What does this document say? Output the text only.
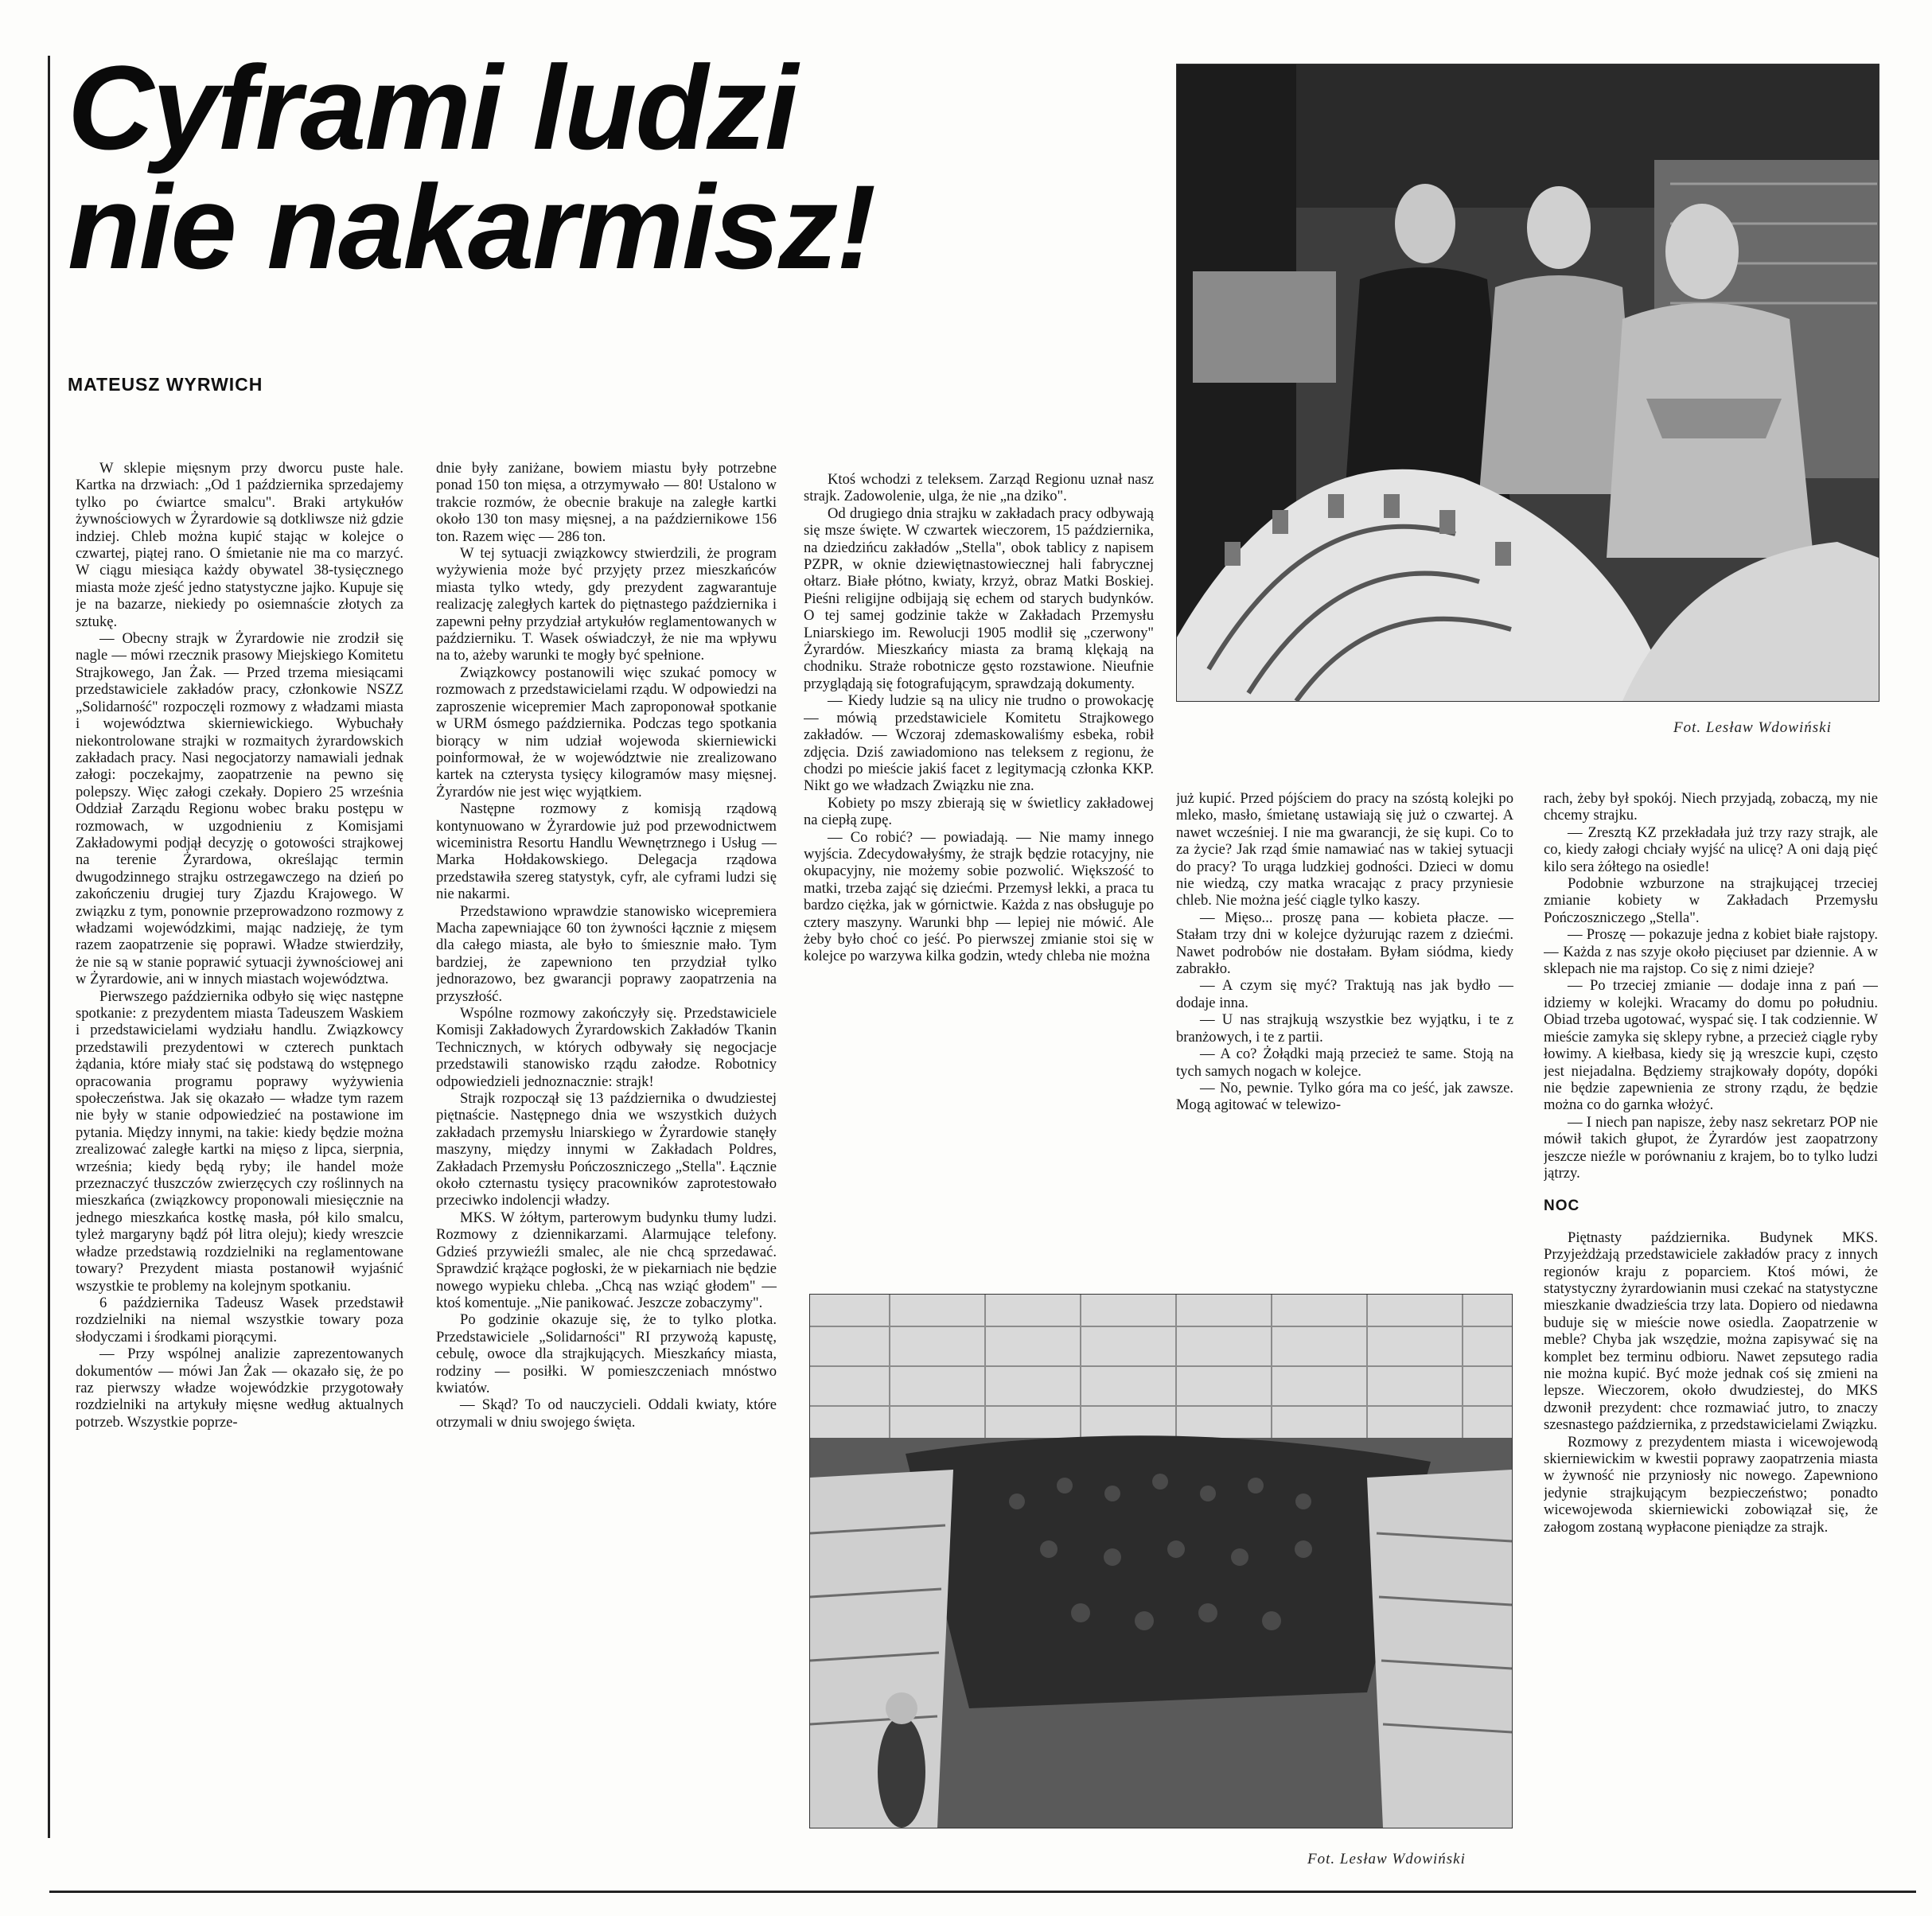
Cyframi ludzi
nie nakarmisz!
MATEUSZ WYRWICH
Fot. Lesław Wdowiński
Fot. Lesław Wdowiński

W sklepie mięsnym przy dworcu puste hale. Kartka na drzwiach: „Od 1 października sprzedajemy tylko po ćwiartce smalcu". Braki artykułów żywnościowych w Żyrardowie są dotkliwsze niż gdzie indziej. Chleb można kupić stając w kolejce o czwartej, piątej rano. O śmietanie nie ma co marzyć. W ciągu miesiąca każdy obywatel 38-tysięcznego miasta może zjeść jedno statystyczne jajko. Kupuje się je na bazarze, niekiedy po osiemnaście złotych za sztukę.

— Obecny strajk w Żyrardowie nie zrodził się nagle — mówi rzecznik prasowy Miejskiego Komitetu Strajkowego, Jan Żak. — Przed trzema miesiącami przedstawiciele zakładów pracy, członkowie NSZZ „Solidarność" rozpoczęli rozmowy z władzami miasta i województwa skierniewickiego. Wybuchały niekontrolowane strajki w rozmaitych żyrardowskich zakładach pracy. Nasi negocjatorzy namawiali jednak załogi: poczekajmy, zaopatrzenie na pewno się polepszy. Więc załogi czekały. Dopiero 25 września Oddział Zarządu Regionu wobec braku postępu w rozmowach, w uzgodnieniu z Komisjami Zakładowymi podjął decyzję o gotowości strajkowej na terenie Żyrardowa, określając termin dwugodzinnego strajku ostrzegawczego na dzień po zakończeniu drugiej tury Zjazdu Krajowego. W związku z tym, ponownie przeprowadzono rozmowy z władzami wojewódzkimi, mając nadzieję, że tym razem zaopatrzenie się poprawi. Władze stwierdziły, że nie są w stanie poprawić sytuacji żywnościowej ani w Żyrardowie, ani w innych miastach województwa.

Pierwszego października odbyło się więc następne spotkanie: z prezydentem miasta Tadeuszem Waskiem i przedstawicielami wydziału handlu. Związkowcy przedstawili prezydentowi w czterech punktach żądania, które miały stać się podstawą do wstępnego opracowania programu poprawy wyżywienia społeczeństwa. Jak się okazało — władze tym razem nie były w stanie odpowiedzieć na postawione im pytania. Między innymi, na takie: kiedy będzie można zrealizować zaległe kartki na mięso z lipca, sierpnia, września; kiedy będą ryby; ile handel może przeznaczyć tłuszczów zwierzęcych czy roślinnych na mieszkańca (związkowcy proponowali miesięcznie na jednego mieszkańca kostkę masła, pół kilo smalcu, tyleż margaryny bądź pół litra oleju); kiedy wreszcie władze przedstawią rozdzielniki na reglamentowane towary? Prezydent miasta postanowił wyjaśnić wszystkie te problemy na kolejnym spotkaniu.

6 października Tadeusz Wasek przedstawił rozdzielniki na niemal wszystkie towary poza słodyczami i środkami piorącymi.

— Przy wspólnej analizie zaprezentowanych dokumentów — mówi Jan Żak — okazało się, że po raz pierwszy władze wojewódzkie przygotowały rozdzielniki na artykuły mięsne według aktualnych potrzeb. Wszystkie poprze-

dnie były zaniżane, bowiem miastu były potrzebne ponad 150 ton mięsa, a otrzymywało — 80! Ustalono w trakcie rozmów, że obecnie brakuje na zaległe kartki około 130 ton masy mięsnej, a na październikowe 156 ton. Razem więc — 286 ton.

W tej sytuacji związkowcy stwierdzili, że program wyżywienia może być przyjęty przez mieszkańców miasta tylko wtedy, gdy prezydent zagwarantuje realizację zaległych kartek do piętnastego października i zapewni pełny przydział artykułów reglamentowanych w październiku. T. Wasek oświadczył, że nie ma wpływu na to, ażeby warunki te mogły być spełnione.

Związkowcy postanowili więc szukać pomocy w rozmowach z przedstawicielami rządu. W odpowiedzi na zaproszenie wicepremier Mach zaproponował spotkanie w URM ósmego października. Podczas tego spotkania biorący w nim udział wojewoda skierniewicki poinformował, że w województwie nie zrealizowano kartek na czterysta tysięcy kilogramów masy mięsnej. Żyrardów nie jest więc wyjątkiem.

Następne rozmowy z komisją rządową kontynuowano w Żyrardowie już pod przewodnictwem wiceministra Resortu Handlu Wewnętrznego i Usług — Marka Hołdakowskiego. Delegacja rządowa przedstawiła szereg statystyk, cyfr, ale cyframi ludzi się nie nakarmi.

Przedstawiono wprawdzie stanowisko wicepremiera Macha zapewniające 60 ton żywności łącznie z mięsem dla całego miasta, ale było to śmiesznie mało. Tym bardziej, że zapewniono ten przydział tylko jednorazowo, bez gwarancji poprawy zaopatrzenia na przyszłość.

Wspólne rozmowy zakończyły się. Przedstawiciele Komisji Zakładowych Żyrardowskich Zakładów Tkanin Technicznych, w których odbywały się negocjacje przedstawili stanowisko rządu załodze. Robotnicy odpowiedzieli jednoznacznie: strajk!

Strajk rozpoczął się 13 października o dwudziestej piętnaście. Następnego dnia we wszystkich dużych zakładach przemysłu lniarskiego w Żyrardowie stanęły maszyny, między innymi w Zakładach Poldres, Zakładach Przemysłu Pończoszniczego „Stella". Łącznie około czternastu tysięcy pracowników zaprotestowało przeciwko indolencji władzy.

MKS. W żółtym, parterowym budynku tłumy ludzi. Rozmowy z dziennikarzami. Alarmujące telefony. Gdzieś przywieźli smalec, ale nie chcą sprzedawać. Sprawdzić krążące pogłoski, że w piekarniach nie będzie nowego wypieku chleba. „Chcą nas wziąć głodem" — ktoś komentuje. „Nie panikować. Jeszcze zobaczymy".

Po godzinie okazuje się, że to tylko plotka. Przedstawiciele „Solidarności" RI przywożą kapustę, cebulę, owoce dla strajkujących. Mieszkańcy miasta, rodziny — posiłki. W pomieszczeniach mnóstwo kwiatów.

— Skąd? To od nauczycieli. Oddali kwiaty, które otrzymali w dniu swojego święta.

Ktoś wchodzi z teleksem. Zarząd Regionu uznał nasz strajk. Zadowolenie, ulga, że nie „na dziko".

Od drugiego dnia strajku w zakładach pracy odbywają się msze święte. W czwartek wieczorem, 15 października, na dziedzińcu zakładów „Stella", obok tablicy z napisem PZPR, w oknie dziewiętnastowiecznej hali fabrycznej ołtarz. Białe płótno, kwiaty, krzyż, obraz Matki Boskiej. Pieśni religijne odbijają się echem od starych budynków. O tej samej godzinie także w Zakładach Przemysłu Lniarskiego im. Rewolucji 1905 modlił się „czerwony" Żyrardów. Mieszkańcy miasta za bramą klękają na chodniku. Straże robotnicze gęsto rozstawione. Nieufnie przyglądają się fotografującym, sprawdzają dokumenty.

— Kiedy ludzie są na ulicy nie trudno o prowokację — mówią przedstawiciele Komitetu Strajkowego zakładów. — Wczoraj zdemaskowaliśmy esbeka, robił zdjęcia. Dziś zawiadomiono nas teleksem z regionu, że chodzi po mieście jakiś facet z legitymacją członka KKP. Nikt go we władzach Związku nie zna.

Kobiety po mszy zbierają się w świetlicy zakładowej na ciepłą zupę.

— Co robić? — powiadają. — Nie mamy innego wyjścia. Zdecydowałyśmy, że strajk będzie rotacyjny, nie okupacyjny, nie możemy sobie pozwolić. Większość to matki, trzeba zająć się dziećmi. Przemysł lekki, a praca tu bardzo ciężka, jak w górnictwie. Każda z nas obsługuje po cztery maszyny. Warunki bhp — lepiej nie mówić. Ale żeby było choć co jeść. Po pierwszej zmianie stoi się w kolejce po warzywa kilka godzin, wtedy chleba nie można

już kupić. Przed pójściem do pracy na szóstą kolejki po mleko, masło, śmietanę ustawiają się już o czwartej. A nawet wcześniej. I nie ma gwarancji, że się kupi. Co to za życie? Jak rząd śmie namawiać nas w takiej sytuacji do pracy? To urąga ludzkiej godności. Dzieci w domu nie wiedzą, czy matka wracając z pracy przyniesie chleb. Nie można jeść ciągle tylko kaszy.

— Mięso... proszę pana — kobieta płacze. — Stałam trzy dni w kolejce dyżurując razem z dziećmi. Nawet podrobów nie dostałam. Byłam siódma, kiedy zabrakło.

— A czym się myć? Traktują nas jak bydło — dodaje inna.

— U nas strajkują wszystkie bez wyjątku, i te z branżowych, i te z partii.

— A co? Żołądki mają przecież te same. Stoją na tych samych nogach w kolejce.

— No, pewnie. Tylko góra ma co jeść, jak zawsze. Mogą agitować w telewizo-

rach, żeby był spokój. Niech przyjadą, zobaczą, my nie chcemy strajku.

— Zresztą KZ przekładała już trzy razy strajk, ale co, kiedy załogi chciały wyjść na ulicę? A oni dają pięć kilo sera żółtego na osiedle!

Podobnie wzburzone na strajkującej trzeciej zmianie kobiety w Zakładach Przemysłu Pończoszniczego „Stella".

— Proszę — pokazuje jedna z kobiet białe rajstopy. — Każda z nas szyje około pięciuset par dziennie. A w sklepach nie ma rajstop. Co się z nimi dzieje?

— Po trzeciej zmianie — dodaje inna z pań — idziemy w kolejki. Wracamy do domu po południu. Obiad trzeba ugotować, wyspać się. I tak codziennie. W mieście zamyka się sklepy rybne, a przecież ciągle ryby łowimy. A kiełbasa, kiedy się ją wreszcie kupi, często jest niejadalna. Będziemy strajkowały dopóty, dopóki nie będzie zapewnienia ze strony rządu, że będzie można co do garnka włożyć.

— I niech pan napisze, żeby nasz sekretarz POP nie mówił takich głupot, że Żyrardów jest zaopatrzony jeszcze nieźle w porównaniu z krajem, bo to tylko ludzi jątrzy.

NOC

Piętnasty października. Budynek MKS. Przyjeżdżają przedstawiciele zakładów pracy z innych regionów kraju z poparciem. Ktoś mówi, że statystyczny żyrardowianin musi czekać na statystyczne mieszkanie dwadzieścia trzy lata. Dopiero od niedawna buduje się w mieście nowe osiedla. Zaopatrzenie w meble? Chyba jak wszędzie, można zapisywać się na komplet bez terminu odbioru. Nawet zepsutego radia nie można kupić. Być może jednak coś się zmieni na lepsze. Wieczorem, około dwudziestej, do MKS dzwonił prezydent: chce rozmawiać jutro, to znaczy szesnastego października, z przedstawicielami Związku.

Rozmowy z prezydentem miasta i wicewojewodą skierniewickim w kwestii poprawy zaopatrzenia miasta w żywność nie przyniosły nic nowego. Zapewniono jedynie strajkującym bezpieczeństwo; ponadto wicewojewoda skierniewicki zobowiązał się, że załogom zostaną wypłacone pieniądze za strajk.
